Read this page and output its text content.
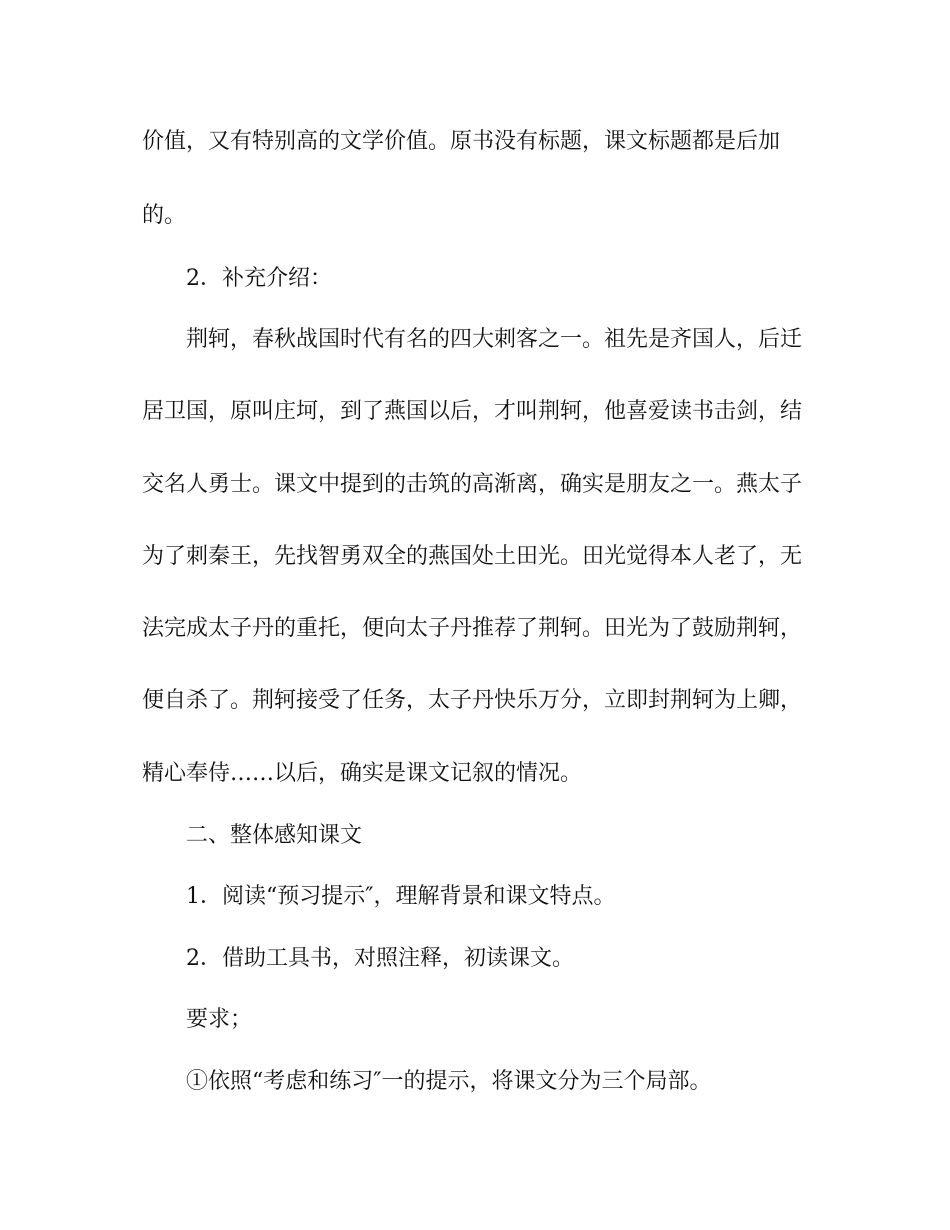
价值，又有特别高的文学价值。原书没有标题，课文标题都是后加

的。

2．补充介绍：

荆轲，春秋战国时代有名的四大刺客之一。祖先是齐国人，后迁

居卫国，原叫庄坷，到了燕国以后，才叫荆轲，他喜爱读书击剑，结

交名人勇士。课文中提到的击筑的高渐离，确实是朋友之一。燕太子

为了刺秦王，先找智勇双全的燕国处土田光。田光觉得本人老了，无

法完成太子丹的重托，便向太子丹推荐了荆轲。田光为了鼓励荆轲，

便自杀了。荆轲接受了任务，太子丹快乐万分，立即封荆轲为上卿，

精心奉侍……以后，确实是课文记叙的情况。

二、整体感知课文

1．阅读“预习提示″，理解背景和课文特点。

2．借助工具书，对照注释，初读课文。

要求；

①依照“考虑和练习″一的提示，将课文分为三个局部。
